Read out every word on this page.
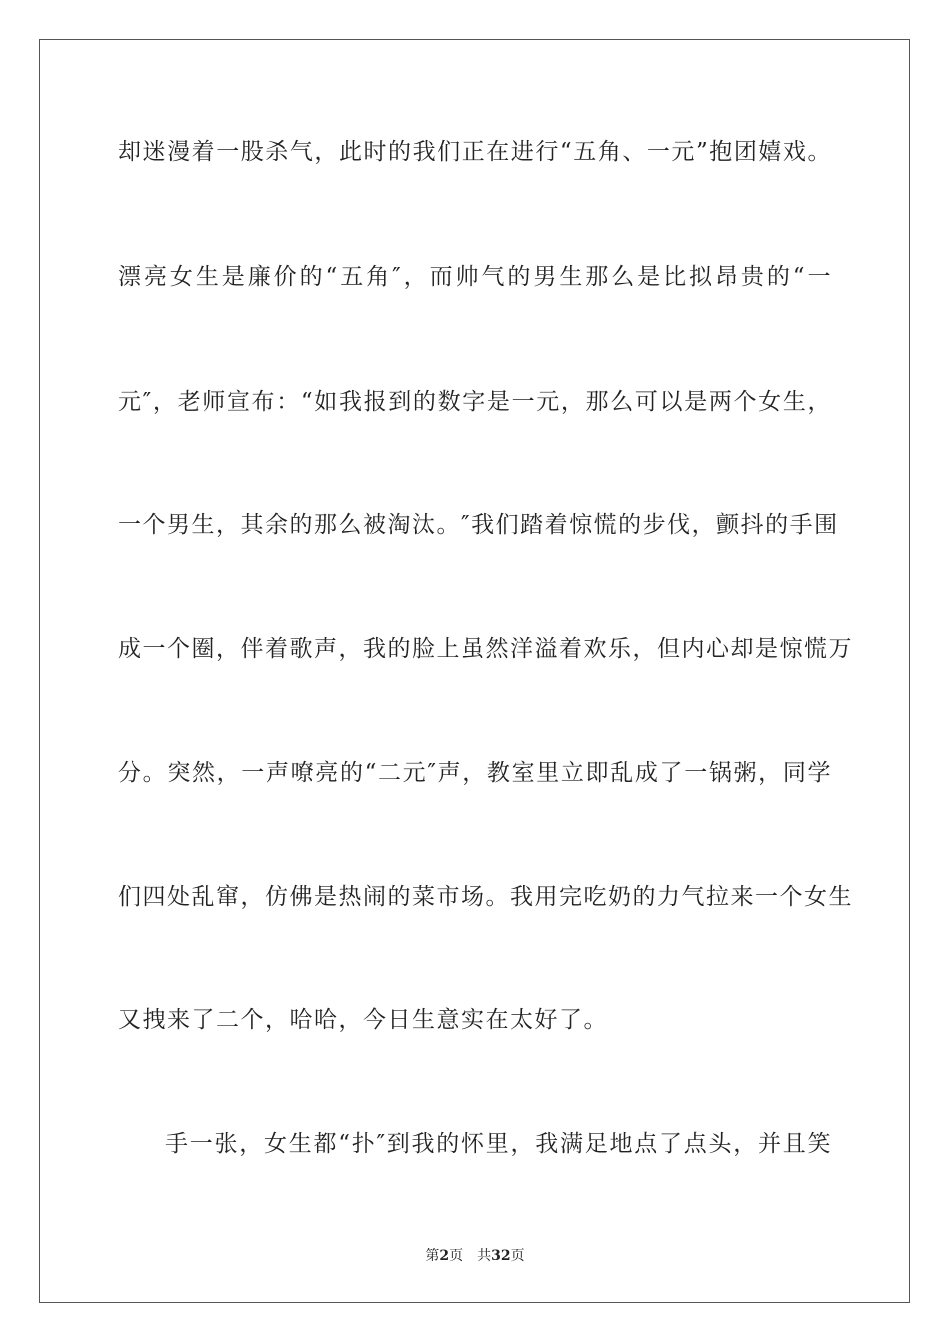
却迷漫着一股杀气，此时的我们正在进行“五角、一元”抱团嬉戏。
漂亮女生是廉价的“五角″，而帅气的男生那么是比拟昂贵的“一
元″，老师宣布：“如我报到的数字是一元，那么可以是两个女生，
一个男生，其余的那么被淘汰。″我们踏着惊慌的步伐，颤抖的手围
成一个圈，伴着歌声，我的脸上虽然洋溢着欢乐，但内心却是惊慌万
分。突然，一声嘹亮的“二元″声，教室里立即乱成了一锅粥，同学
们四处乱窜，仿佛是热闹的菜市场。我用完吃奶的力气拉来一个女生
又拽来了二个，哈哈，今日生意实在太好了。
手一张，女生都“扑″到我的怀里，我满足地点了点头，并且笑
第2页 共32页
